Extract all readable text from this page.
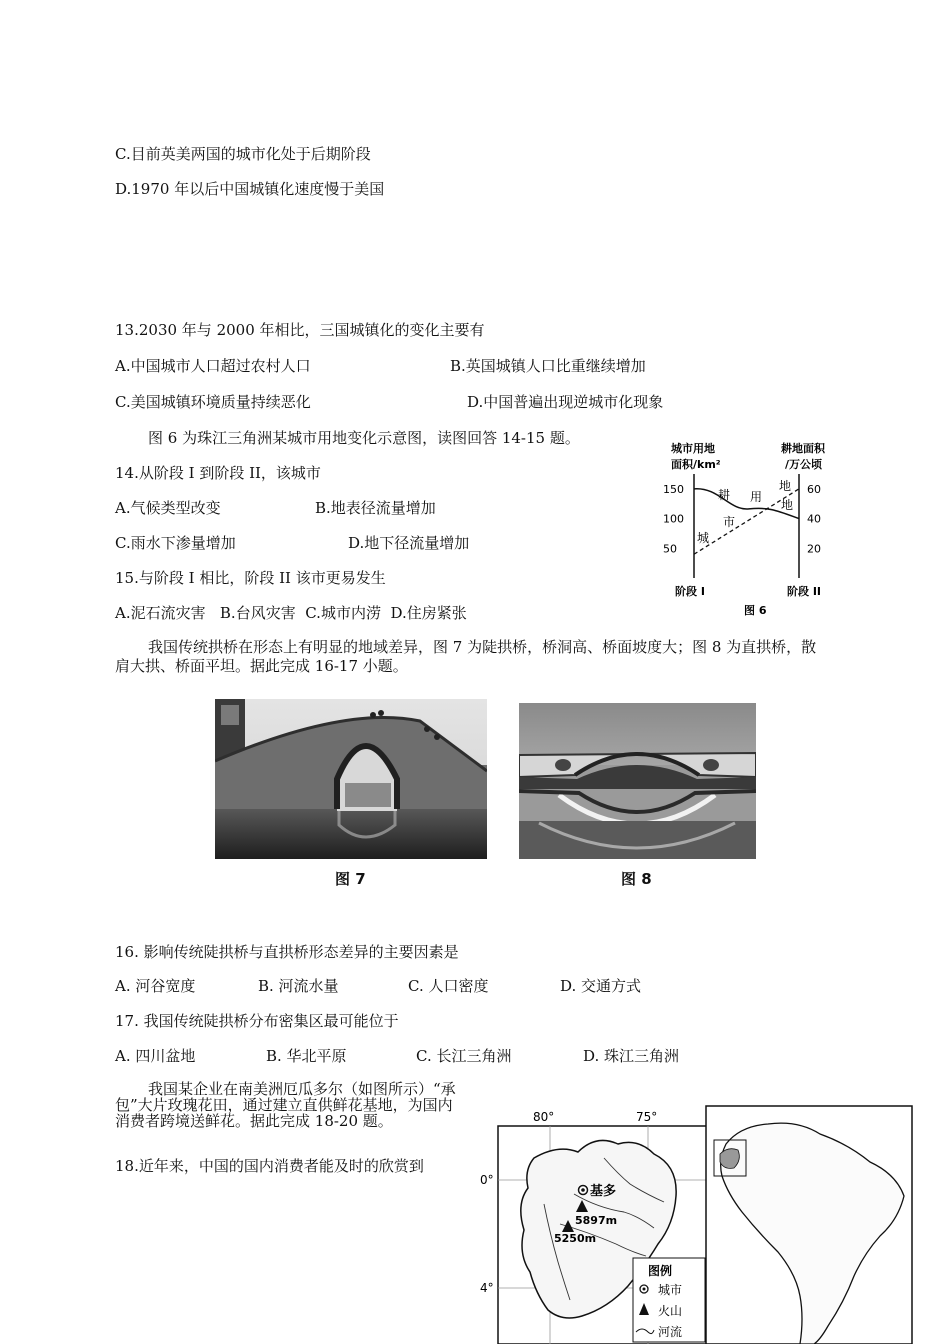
C.目前英美两国的城市化处于后期阶段
D.1970 年以后中国城镇化速度慢于美国
13.2030 年与 2000 年相比，三国城镇化的变化主要有
A.中国城市人口超过农村人口	B.英国城镇人口比重继续增加
C.美国城镇环境质量持续恶化	D.中国普遍出现逆城市化现象
图 6 为珠江三角洲某城市用地变化示意图，读图回答 14-15 题。
14.从阶段 I 到阶段 II，该城市
A.气候类型改变	B.地表径流量增加
C.雨水下渗量增加	D.地下径流量增加
15.与阶段 I 相比，阶段 II 该市更易发生
A.泥石流灾害   B.台风灾害  C.城市内涝  D.住房紧张
城市用地
面积/km²
耕地面积
/万公顷
150
100
50
60
40
20
耕 用
地
地
市
城
阶段 I	阶段 II
图 6
我国传统拱桥在形态上有明显的地域差异，图 7 为陡拱桥，桥洞高、桥面坡度大；图 8 为直拱桥，散肩大拱、桥面平坦。据此完成 16-17 小题。
图 7	图 8
16. 影响传统陡拱桥与直拱桥形态差异的主要因素是
A. 河谷宽度	B. 河流水量	C. 人口密度	D. 交通方式
17. 我国传统陡拱桥分布密集区最可能位于
A. 四川盆地	B. 华北平原	C. 长江三角洲	D. 珠江三角洲
我国某企业在南美洲厄瓜多尔（如图所示）“承包”大片玫瑰花田，通过建立直供鲜花基地，为国内消费者跨境送鲜花。据此完成 18-20 题。
18.近年来，中国的国内消费者能及时的欣赏到
80°	75°
0°
4°
基多
5897m
5250m
图例
城市
火山
河流
